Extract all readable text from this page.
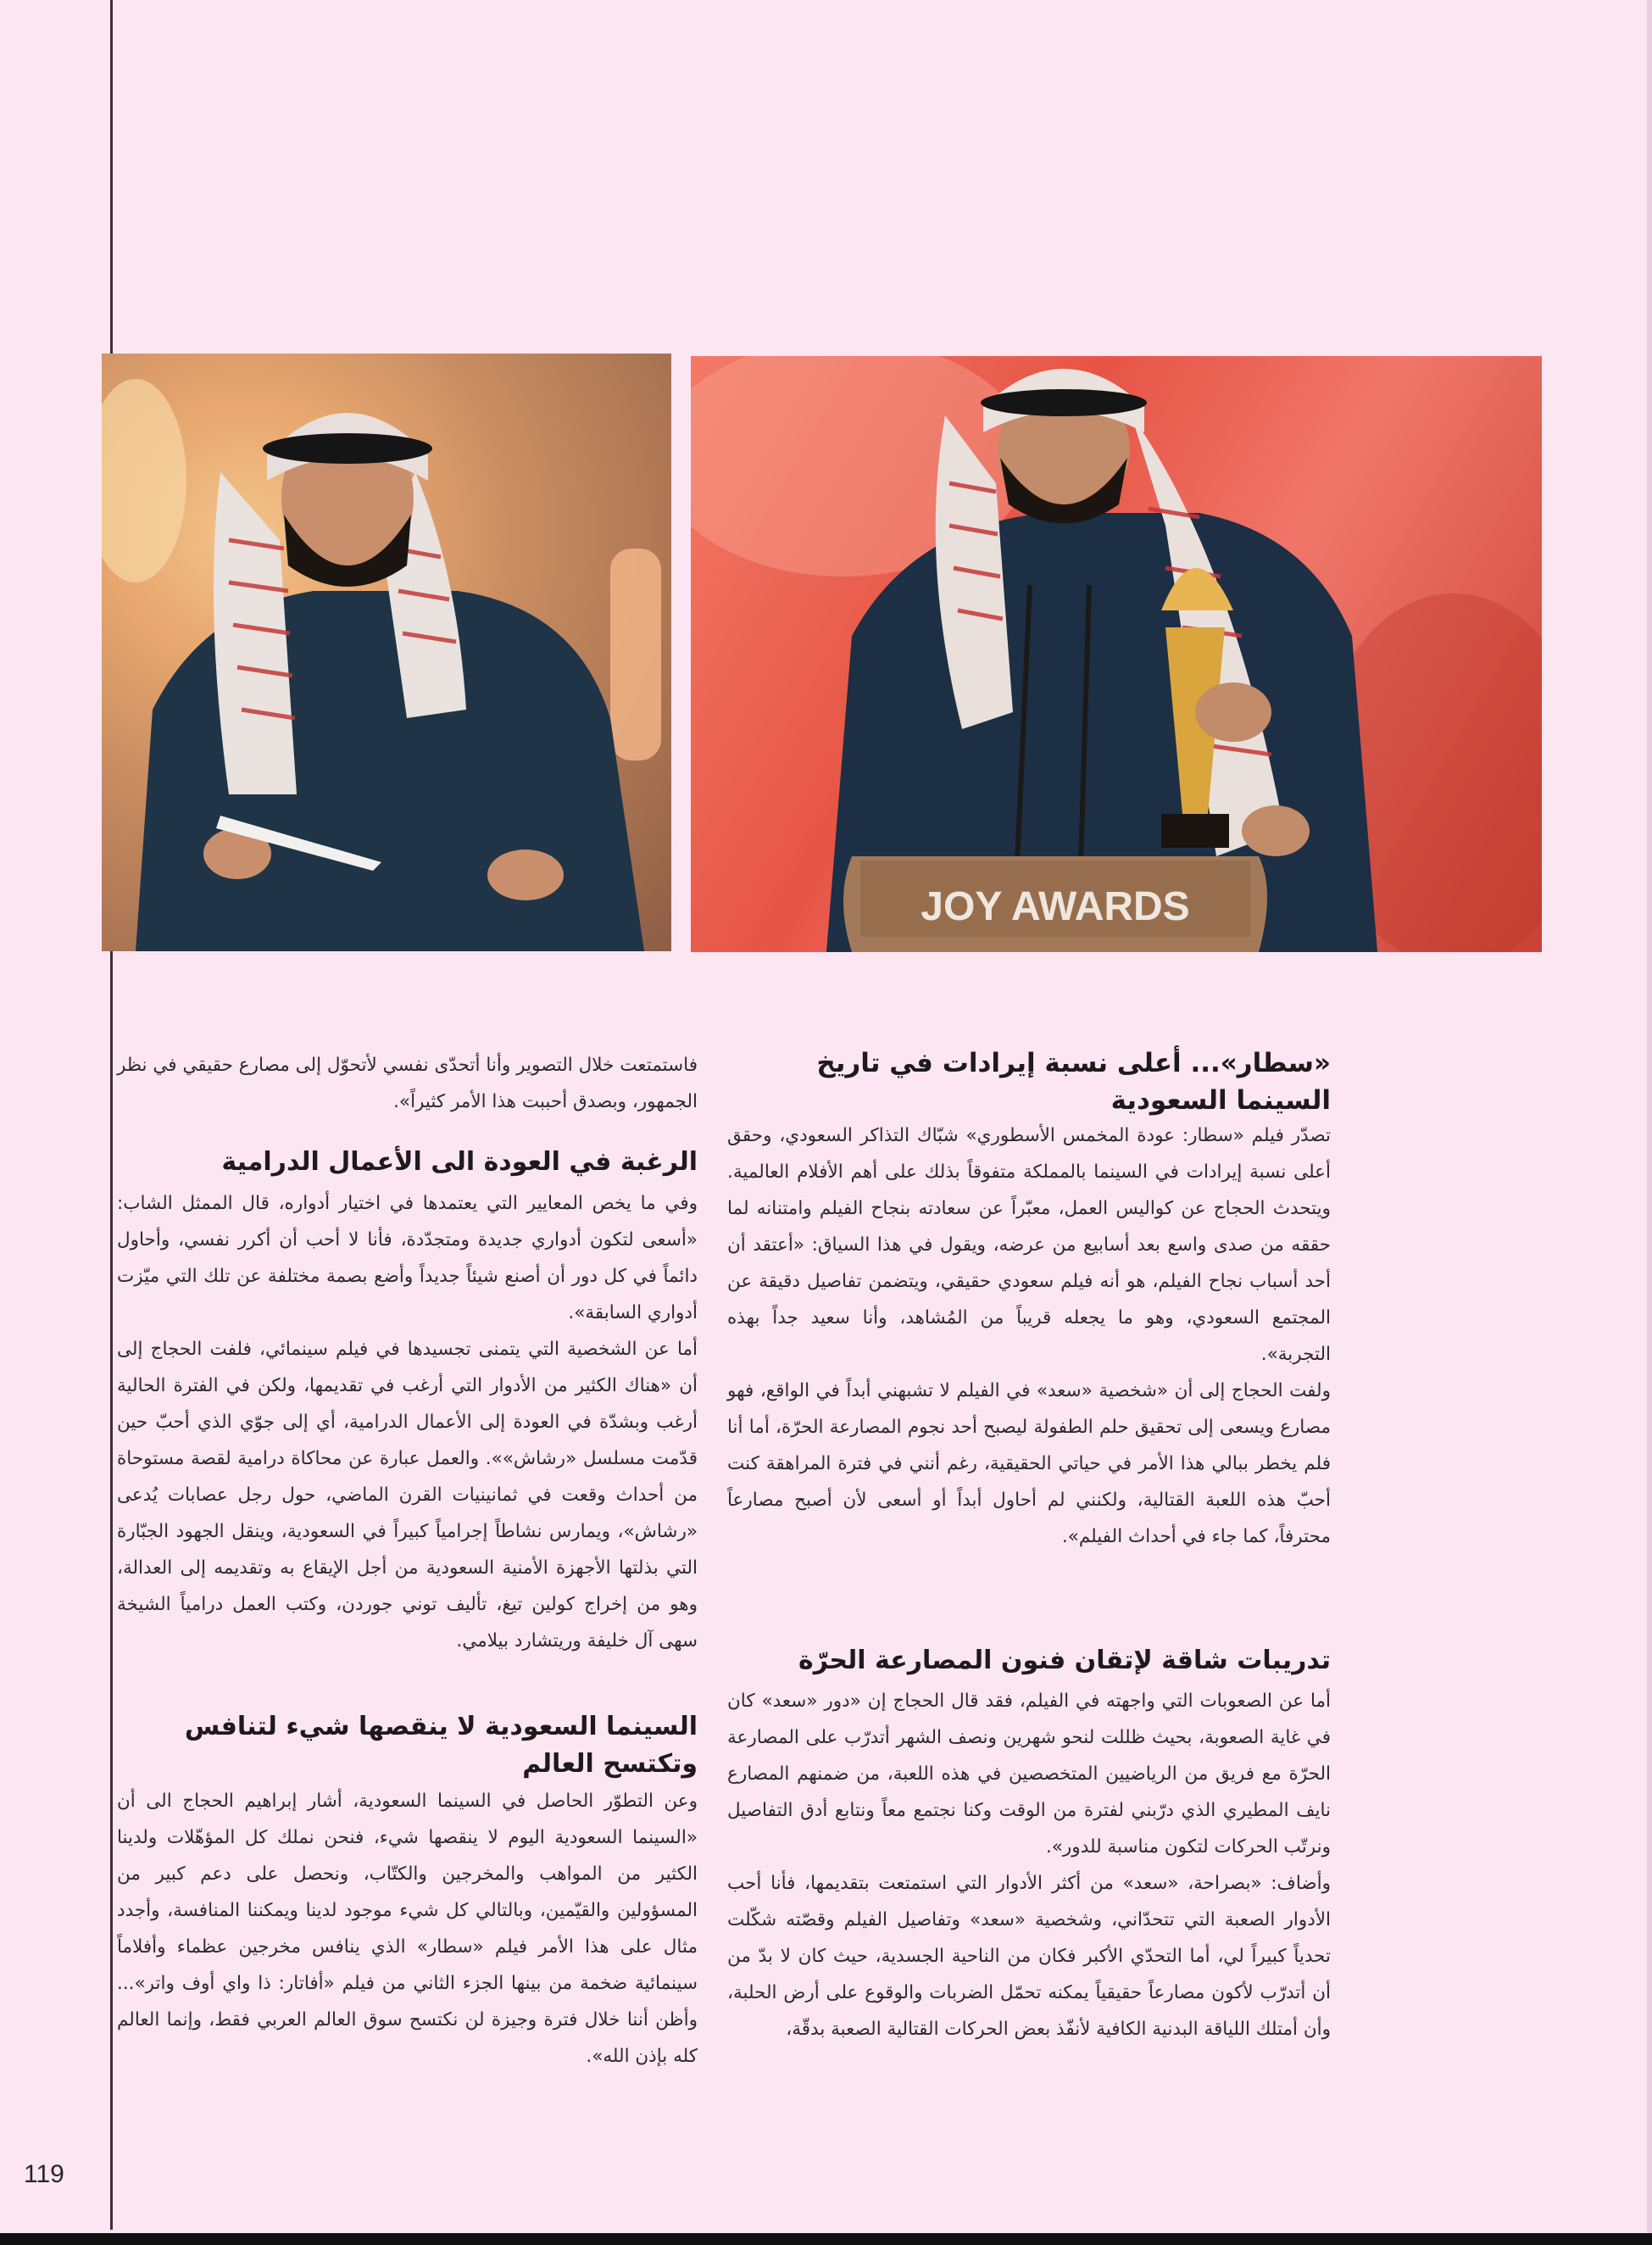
JOY AWARDS
«سطار»... أعلى نسبة إيرادات في تاريخ السينما السعودية

تصدّر فيلم «سطار: عودة المخمس الأسطوري» شبّاك التذاكر السعودي، وحقق أعلى نسبة إيرادات في السينما بالمملكة متفوقاً بذلك على أهم الأفلام العالمية. ويتحدث الحجاج عن كواليس العمل، معبّراً عن سعادته بنجاح الفيلم وامتنانه لما حققه من صدى واسع بعد أسابيع من عرضه، ويقول في هذا السياق: «أعتقد أن أحد أسباب نجاح الفيلم، هو أنه فيلم سعودي حقيقي، ويتضمن تفاصيل دقيقة عن المجتمع السعودي، وهو ما يجعله قريباً من المُشاهد، وأنا سعيد جداً بهذه التجربة».

ولفت الحجاج إلى أن «شخصية «سعد» في الفيلم لا تشبهني أبداً في الواقع، فهو مصارع ويسعى إلى تحقيق حلم الطفولة ليصبح أحد نجوم المصارعة الحرّة، أما أنا فلم يخطر ببالي هذا الأمر في حياتي الحقيقية، رغم أنني في فترة المراهقة كنت أحبّ هذه اللعبة القتالية، ولكنني لم أحاول أبداً أو أسعى لأن أصبح مصارعاً محترفاً، كما جاء في أحداث الفيلم».

تدريبات شاقة لإتقان فنون المصارعة الحرّة

أما عن الصعوبات التي واجهته في الفيلم، فقد قال الحجاج إن «دور «سعد» كان في غاية الصعوبة، بحيث ظللت لنحو شهرين ونصف الشهر أتدرّب على المصارعة الحرّة مع فريق من الرياضيين المتخصصين في هذه اللعبة، من ضمنهم المصارع نايف المطيري الذي درّبني لفترة من الوقت وكنا نجتمع معاً ونتابع أدق التفاصيل ونرتّب الحركات لتكون مناسبة للدور».

وأضاف: «بصراحة، «سعد» من أكثر الأدوار التي استمتعت بتقديمها، فأنا أحب الأدوار الصعبة التي تتحدّاني، وشخصية «سعد» وتفاصيل الفيلم وقصّته شكّلت تحدياً كبيراً لي، أما التحدّي الأكبر فكان من الناحية الجسدية، حيث كان لا بدّ من أن أتدرّب لأكون مصارعاً حقيقياً يمكنه تحمّل الضربات والوقوع على أرض الحلبة، وأن أمتلك اللياقة البدنية الكافية لأنفّذ بعض الحركات القتالية الصعبة بدقّة،

فاستمتعت خلال التصوير وأنا أتحدّى نفسي لأتحوّل إلى مصارع حقيقي في نظر الجمهور، وبصدق أحببت هذا الأمر كثيراً».

الرغبة في العودة الى الأعمال الدرامية

وفي ما يخص المعايير التي يعتمدها في اختيار أدواره، قال الممثل الشاب: «أسعى لتكون أدواري جديدة ومتجدّدة، فأنا لا أحب أن أكرر نفسي، وأحاول دائماً في كل دور أن أصنع شيئاً جديداً وأضع بصمة مختلفة عن تلك التي ميّزت أدواري السابقة».

أما عن الشخصية التي يتمنى تجسيدها في فيلم سينمائي، فلفت الحجاج إلى أن «هناك الكثير من الأدوار التي أرغب في تقديمها، ولكن في الفترة الحالية أرغب وبشدّة في العودة إلى الأعمال الدرامية، أي إلى جوّي الذي أحبّ حين قدّمت مسلسل «رشاش»». والعمل عبارة عن محاكاة درامية لقصة مستوحاة من أحداث وقعت في ثمانينيات القرن الماضي، حول رجل عصابات يُدعى «رشاش»، ويمارس نشاطاً إجرامياً كبيراً في السعودية، وينقل الجهود الجبّارة التي بذلتها الأجهزة الأمنية السعودية من أجل الإيقاع به وتقديمه إلى العدالة، وهو من إخراج كولين تيغ، تأليف توني جوردن، وكتب العمل درامياً الشيخة سهى آل خليفة وريتشارد بيلامي.

السينما السعودية لا ينقصها شيء لتنافس وتكتسح العالم

وعن التطوّر الحاصل في السينما السعودية، أشار إبراهيم الحجاج الى أن «السينما السعودية اليوم لا ينقصها شيء، فنحن نملك كل المؤهّلات ولدينا الكثير من المواهب والمخرجين والكتّاب، ونحصل على دعم كبير من المسؤولين والقيّمين، وبالتالي كل شيء موجود لدينا ويمكننا المنافسة، وأجدد مثال على هذا الأمر فيلم «سطار» الذي ينافس مخرجين عظماء وأفلاماً سينمائية ضخمة من بينها الجزء الثاني من فيلم «أفاتار: ذا واي أوف واتر»... وأظن أننا خلال فترة وجيزة لن نكتسح سوق العالم العربي فقط، وإنما العالم كله بإذن الله».

119
